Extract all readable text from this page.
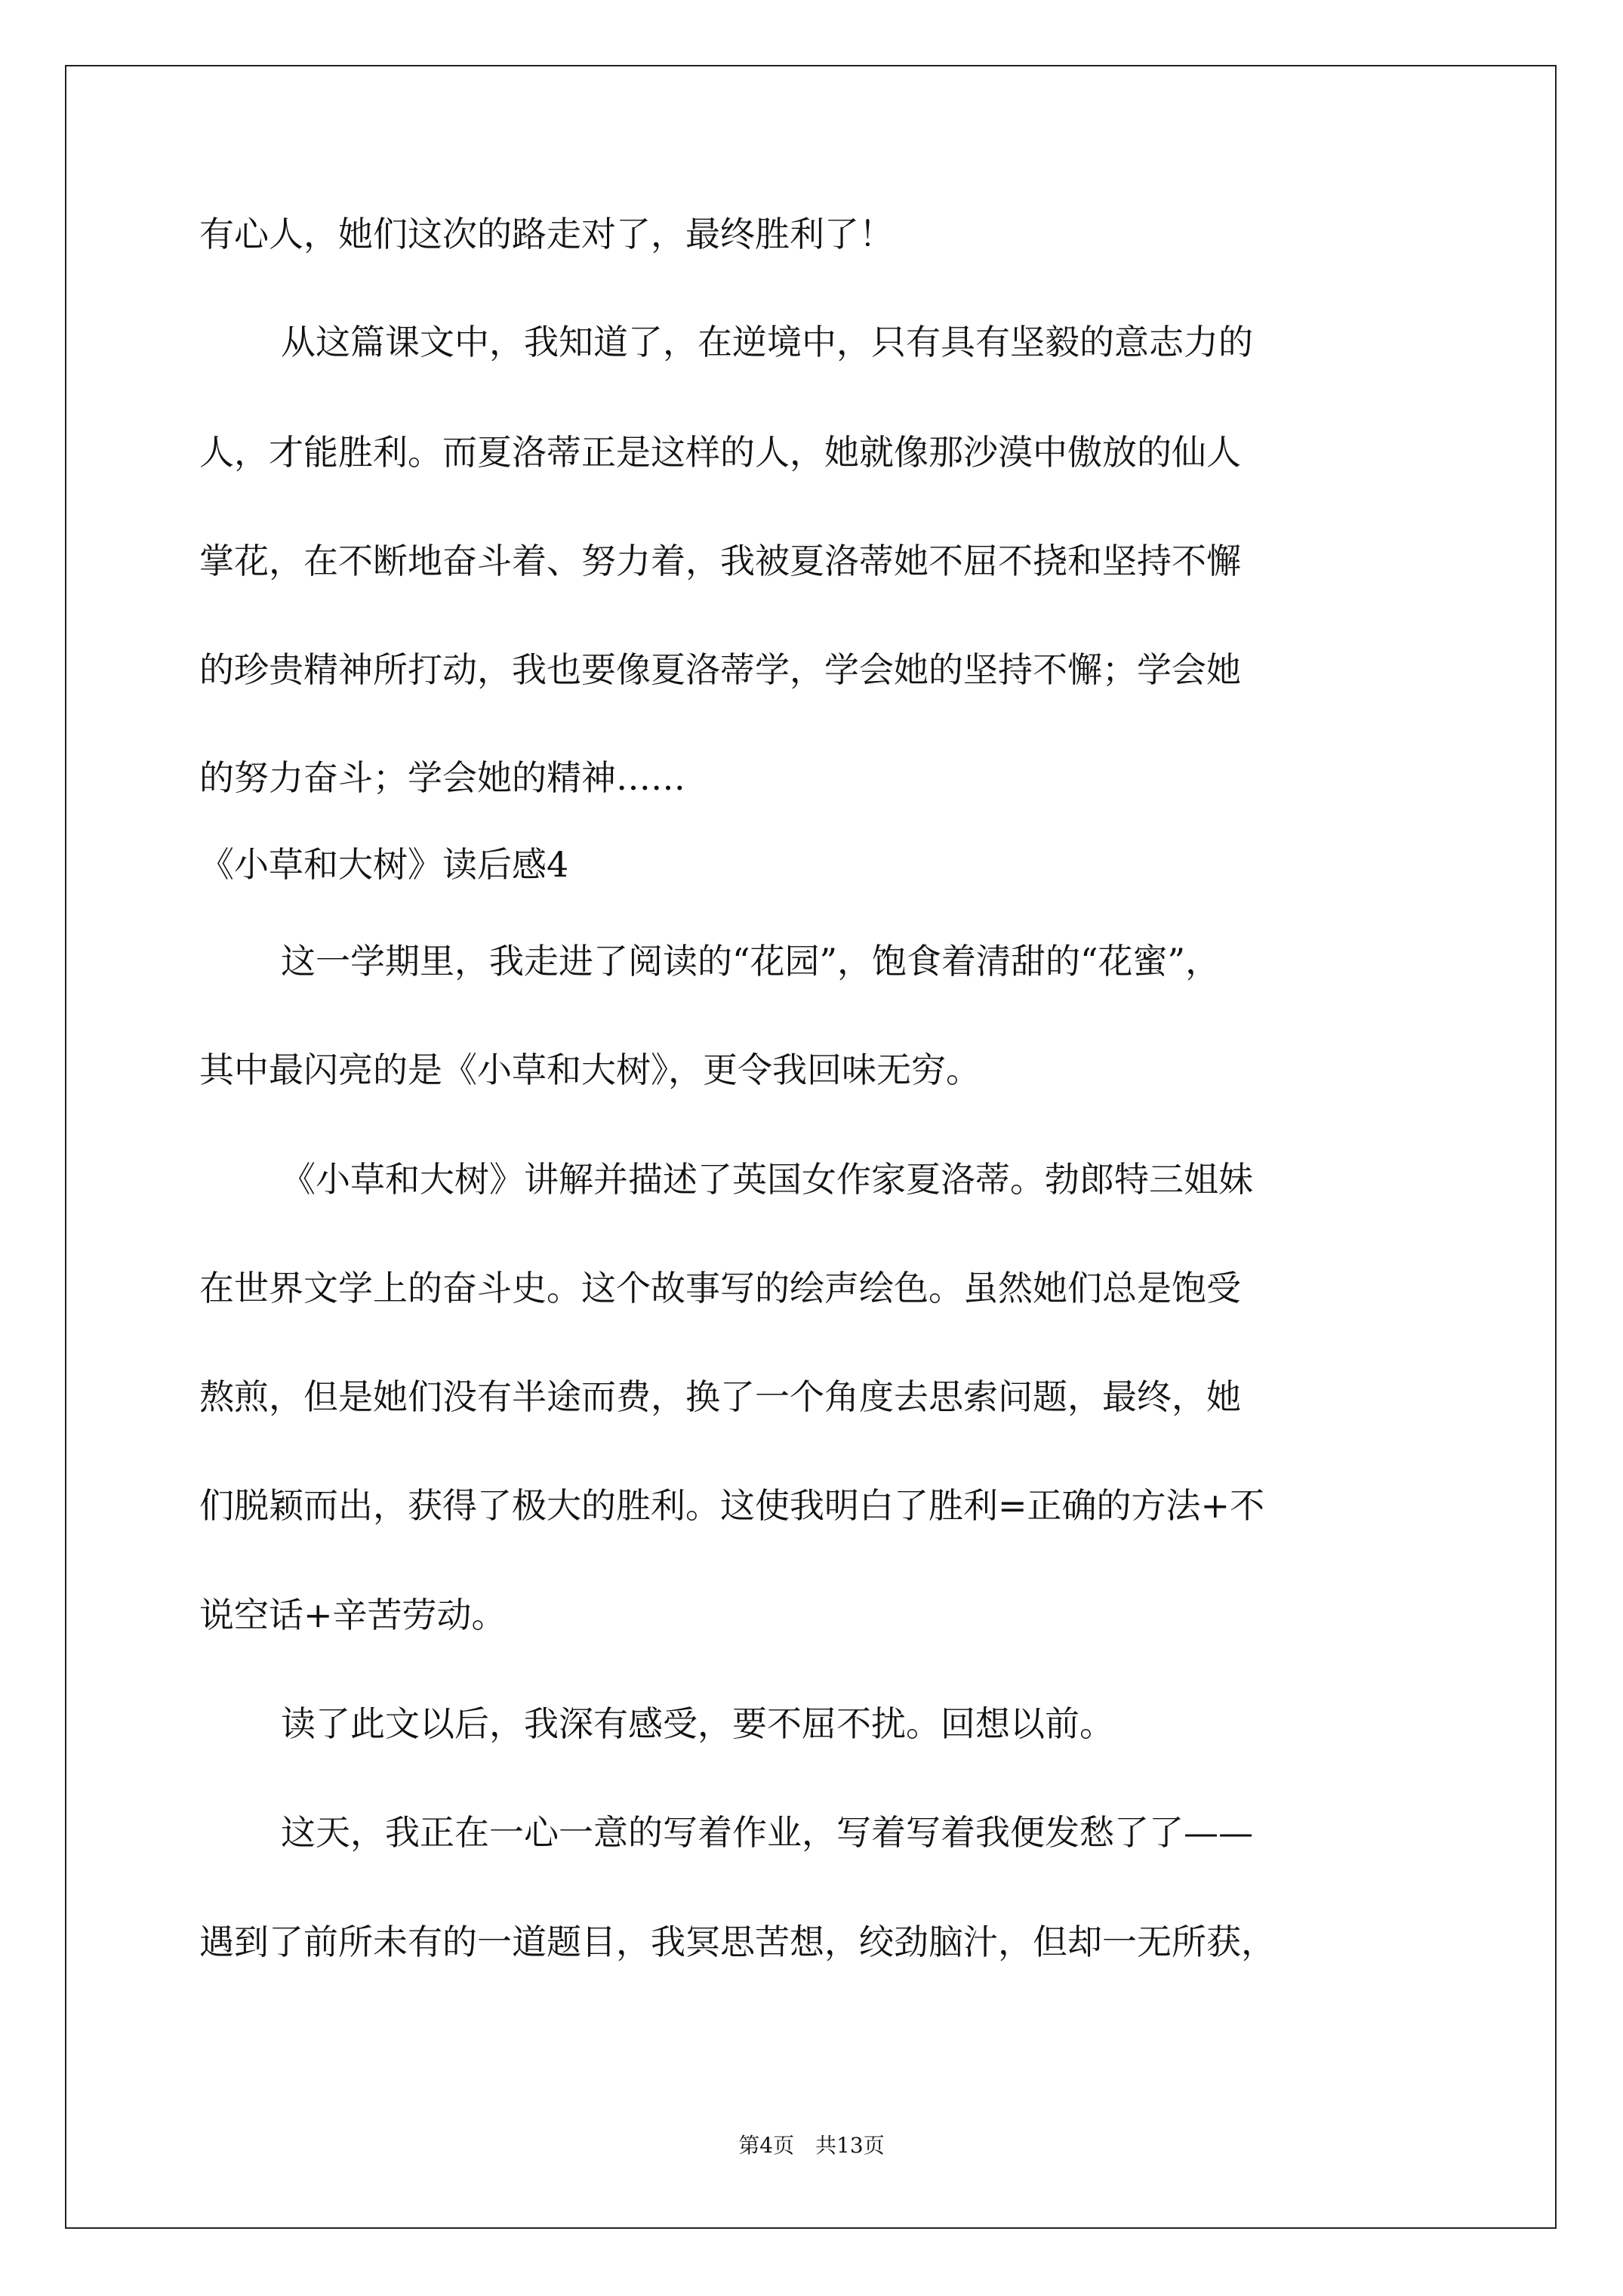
有心人，她们这次的路走对了，最终胜利了！
从这篇课文中，我知道了，在逆境中，只有具有坚毅的意志力的
人，才能胜利。而夏洛蒂正是这样的人，她就像那沙漠中傲放的仙人
掌花，在不断地奋斗着、努力着，我被夏洛蒂她不屈不挠和坚持不懈
的珍贵精神所打动，我也要像夏洛蒂学，学会她的坚持不懈；学会她
的努力奋斗；学会她的精神……
《小草和大树》读后感4
这一学期里，我走进了阅读的“花园”，饱食着清甜的“花蜜”，
其中最闪亮的是《小草和大树》，更令我回味无穷。
《小草和大树》讲解并描述了英国女作家夏洛蒂。勃郎特三姐妹
在世界文学上的奋斗史。这个故事写的绘声绘色。虽然她们总是饱受
熬煎，但是她们没有半途而费，换了一个角度去思索问题，最终，她
们脱颖而出，获得了极大的胜利。这使我明白了胜利=正确的方法+不
说空话+辛苦劳动。
读了此文以后，我深有感受，要不屈不扰。回想以前。
这天，我正在一心一意的写着作业，写着写着我便发愁了了——
遇到了前所未有的一道题目，我冥思苦想，绞劲脑汁，但却一无所获，
第4页 共13页
